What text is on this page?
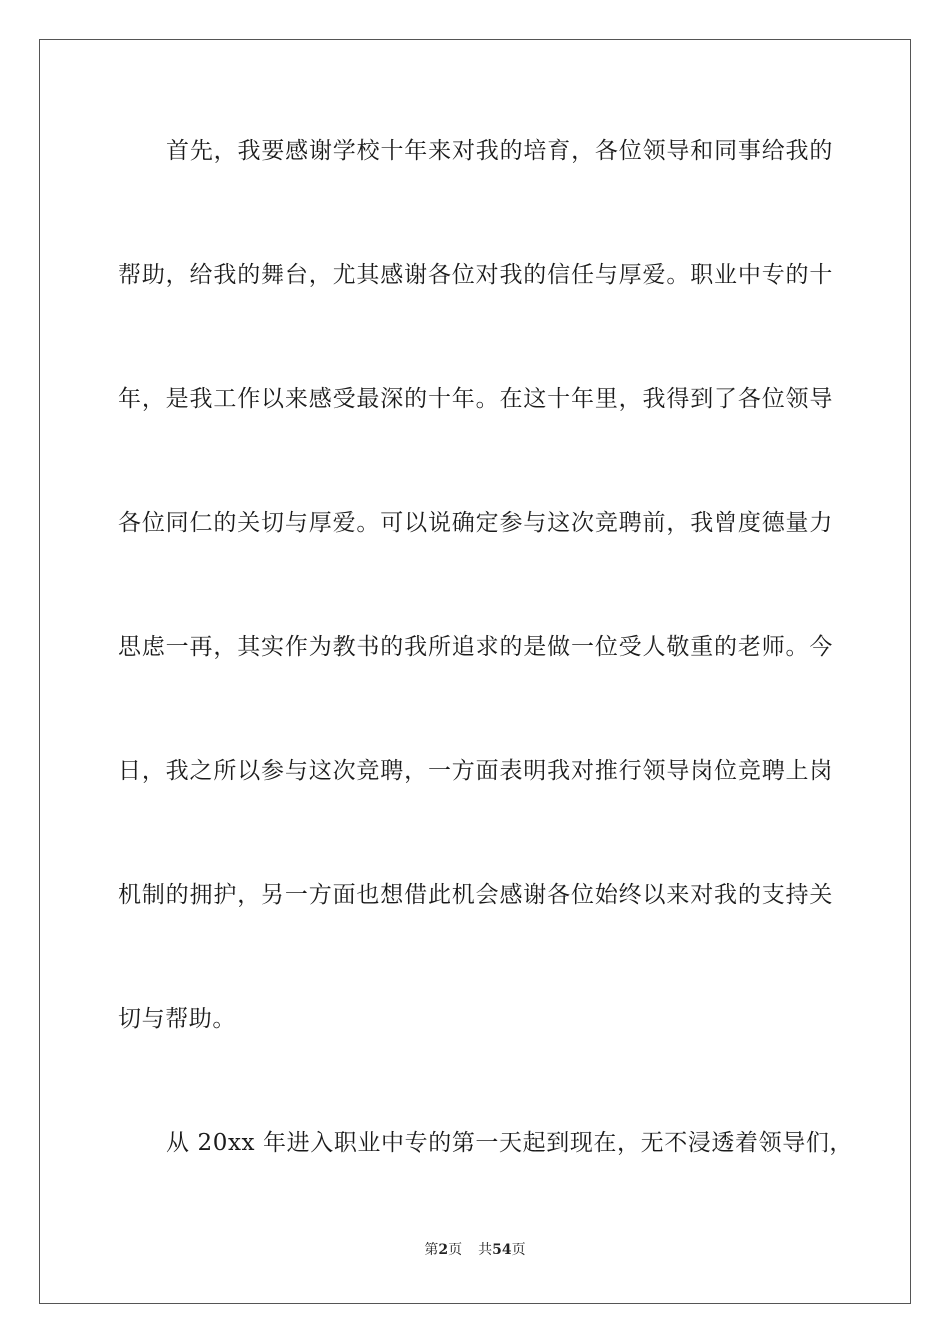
首先，我要感谢学校十年来对我的培育，各位领导和同事给我的
帮助，给我的舞台，尤其感谢各位对我的信任与厚爱。职业中专的十
年，是我工作以来感受最深的十年。在这十年里，我得到了各位领导
各位同仁的关切与厚爱。可以说确定参与这次竞聘前，我曾度德量力
思虑一再，其实作为教书的我所追求的是做一位受人敬重的老师。今
日，我之所以参与这次竞聘，一方面表明我对推行领导岗位竞聘上岗
机制的拥护，另一方面也想借此机会感谢各位始终以来对我的支持关
切与帮助。
从 20xx 年进入职业中专的第一天起到现在，无不浸透着领导们，
第2页 共54页
